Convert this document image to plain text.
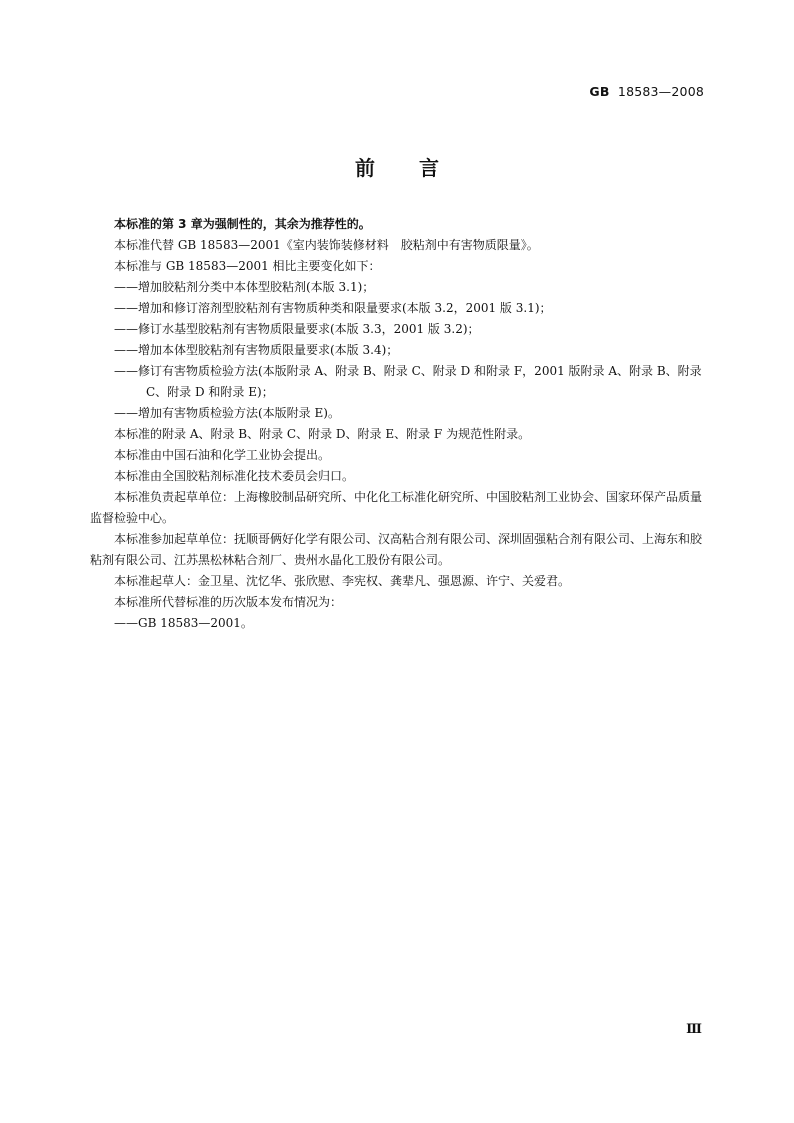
GB 18583—2008
前言

本标准的第 3 章为强制性的，其余为推荐性的。

本标准代替 GB 18583—2001《室内装饰装修材料　胶粘剂中有害物质限量》。

本标准与 GB 18583—2001 相比主要变化如下：

——增加胶粘剂分类中本体型胶粘剂(本版 3.1)；

——增加和修订溶剂型胶粘剂有害物质种类和限量要求(本版 3.2，2001 版 3.1)；

——修订水基型胶粘剂有害物质限量要求(本版 3.3，2001 版 3.2)；

——增加本体型胶粘剂有害物质限量要求(本版 3.4)；

——修订有害物质检验方法(本版附录 A、附录 B、附录 C、附录 D 和附录 F，2001 版附录 A、附录 B、附录 C、附录 D 和附录 E)；

——增加有害物质检验方法(本版附录 E)。

本标准的附录 A、附录 B、附录 C、附录 D、附录 E、附录 F 为规范性附录。

本标准由中国石油和化学工业协会提出。

本标准由全国胶粘剂标准化技术委员会归口。

本标准负责起草单位：上海橡胶制品研究所、中化化工标准化研究所、中国胶粘剂工业协会、国家环保产品质量监督检验中心。

本标准参加起草单位：抚顺哥俩好化学有限公司、汉高粘合剂有限公司、深圳固强粘合剂有限公司、上海东和胶粘剂有限公司、江苏黑松林粘合剂厂、贵州水晶化工股份有限公司。

本标准起草人：金卫星、沈忆华、张欣慰、李宪权、龚辈凡、强恩源、许宁、关爱君。

本标准所代替标准的历次版本发布情况为：

——GB 18583—2001。

Ⅲ
